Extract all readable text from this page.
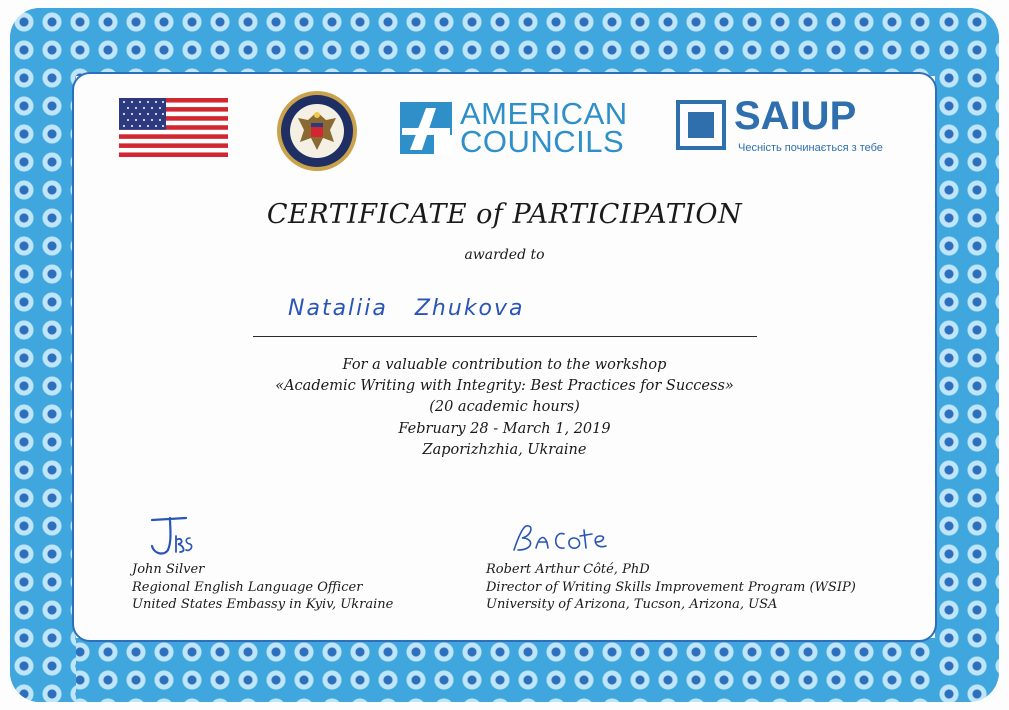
AMERICAN
COUNCILS
SAIUP
Чесність починається з тебе
CERTIFICATE of PARTICIPATION
awarded to
Nataliia Zhukova
For a valuable contribution to the workshop
«Academic Writing with Integrity: Best Practices for Success»
(20 academic hours)
February 28 - March 1, 2019
Zaporizhzhia, Ukraine
John Silver
Regional English Language Officer
United States Embassy in Kyiv, Ukraine
Robert Arthur Côté, PhD
Director of Writing Skills Improvement Program (WSIP)
University of Arizona, Tucson, Arizona, USA
